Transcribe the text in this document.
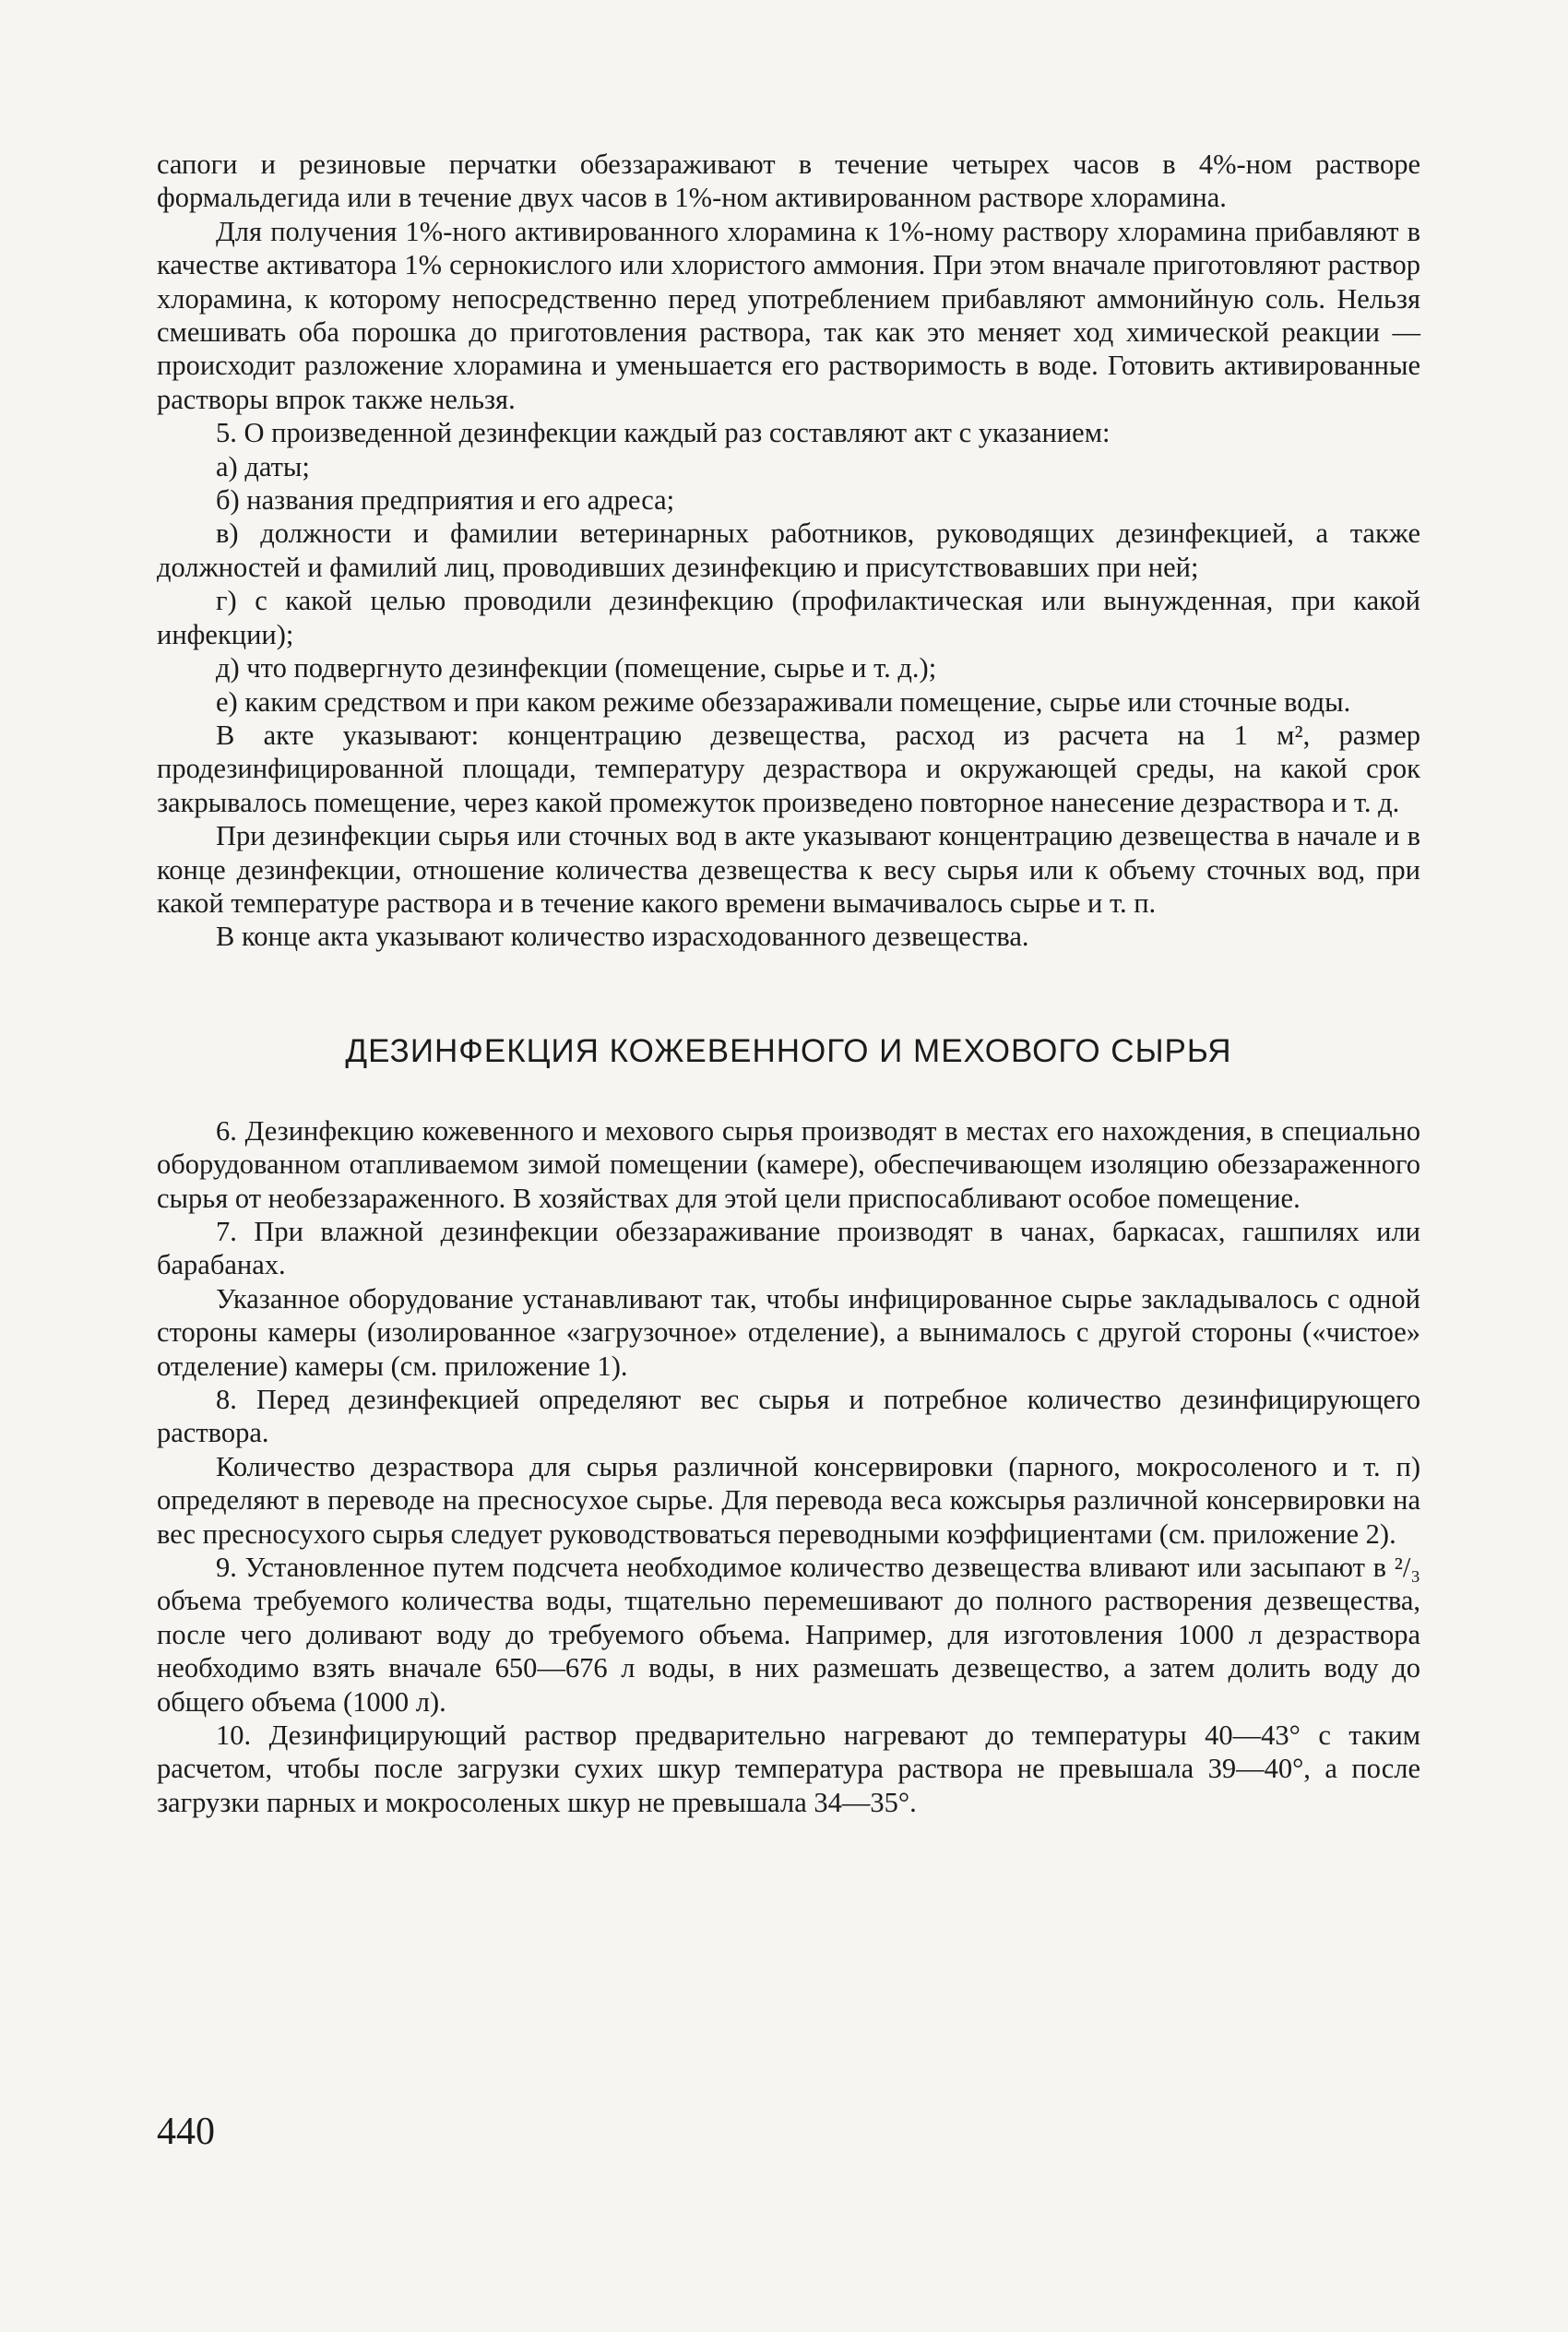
сапоги и резиновые перчатки обеззараживают в течение четырех часов в 4%-ном растворе формальдегида или в течение двух часов в 1%-ном активированном растворе хлорамина.

Для получения 1%-ного активированного хлорамина к 1%-ному раствору хлорамина прибавляют в качестве активатора 1% сернокислого или хлористого аммония. При этом вначале приготовляют раствор хлорамина, к которому непосредственно перед употреблением прибавляют аммонийную соль. Нельзя смешивать оба порошка до приготовления раствора, так как это меняет ход химической реакции — происходит разложение хлорамина и уменьшается его растворимость в воде. Готовить активированные растворы впрок также нельзя.

5. О произведенной дезинфекции каждый раз составляют акт с указанием:

а) даты;

б) названия предприятия и его адреса;

в) должности и фамилии ветеринарных работников, руководящих дезинфекцией, а также должностей и фамилий лиц, проводивших дезинфекцию и присутствовавших при ней;

г) с какой целью проводили дезинфекцию (профилактическая или вынужденная, при какой инфекции);

д) что подвергнуто дезинфекции (помещение, сырье и т. д.);

е) каким средством и при каком режиме обеззараживали помещение, сырье или сточные воды.

В акте указывают: концентрацию дезвещества, расход из расчета на 1 м², размер продезинфицированной площади, температуру дезраствора и окружающей среды, на какой срок закрывалось помещение, через какой промежуток произведено повторное нанесение дезраствора и т. д.

При дезинфекции сырья или сточных вод в акте указывают концентрацию дезвещества в начале и в конце дезинфекции, отношение количества дезвещества к весу сырья или к объему сточных вод, при какой температуре раствора и в течение какого времени вымачивалось сырье и т. п.

В конце акта указывают количество израсходованного дезвещества.

ДЕЗИНФЕКЦИЯ КОЖЕВЕННОГО И МЕХОВОГО СЫРЬЯ

6. Дезинфекцию кожевенного и мехового сырья производят в местах его нахождения, в специально оборудованном отапливаемом зимой помещении (камере), обеспечивающем изоляцию обеззараженного сырья от необеззараженного. В хозяйствах для этой цели приспосабливают особое помещение.

7. При влажной дезинфекции обеззараживание производят в чанах, баркасах, гашпилях или барабанах.

Указанное оборудование устанавливают так, чтобы инфицированное сырье закладывалось с одной стороны камеры (изолированное «загрузочное» отделение), а вынималось с другой стороны («чистое» отделение) камеры (см. приложение 1).

8. Перед дезинфекцией определяют вес сырья и потребное количество дезинфицирующего раствора.

Количество дезраствора для сырья различной консервировки (парного, мокросоленого и т. п) определяют в переводе на пресносухое сырье. Для перевода веса кожсырья различной консервировки на вес пресносухого сырья следует руководствоваться переводными коэффициентами (см. приложение 2).

9. Установленное путем подсчета необходимое количество дезвещества вливают или засыпают в ²/₃ объема требуемого количества воды, тщательно перемешивают до полного растворения дезвещества, после чего доливают воду до требуемого объема. Например, для изготовления 1000 л дезраствора необходимо взять вначале 650—676 л воды, в них размешать дезвещество, а затем долить воду до общего объема (1000 л).

10. Дезинфицирующий раствор предварительно нагревают до температуры 40—43° с таким расчетом, чтобы после загрузки сухих шкур температура раствора не превышала 39—40°, а после загрузки парных и мокросоленых шкур не превышала 34—35°.

440
